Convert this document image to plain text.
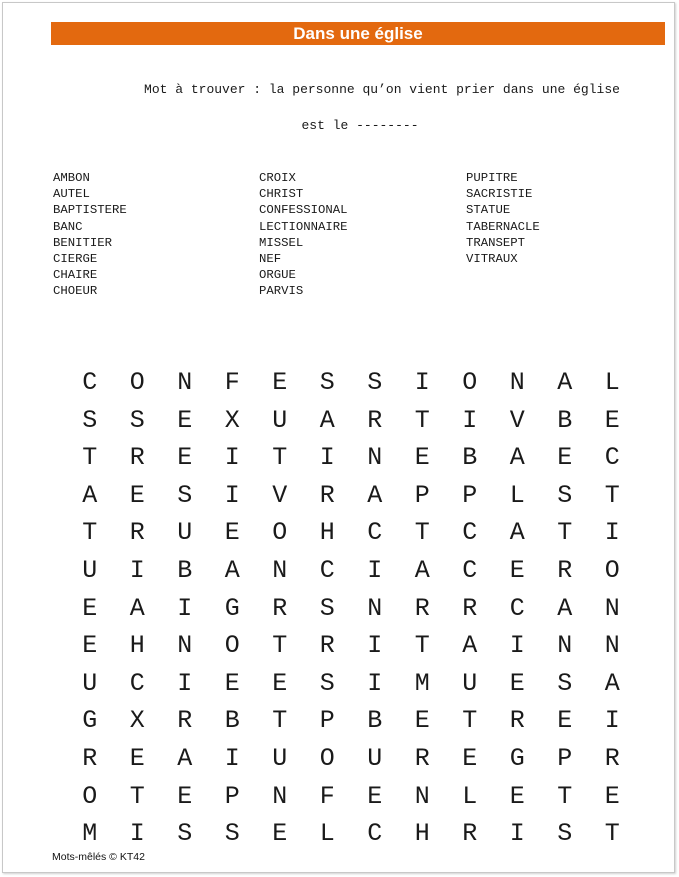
Dans une église

Mot à trouver : la personne qu’on vient prier dans une église

est le --------

AMBON
AUTEL
BAPTISTERE
BANC
BENITIER
CIERGE
CHAIRE
CHOEUR
CROIX
CHRIST
CONFESSIONAL
LECTIONNAIRE
MISSEL
NEF
ORGUE
PARVIS
PUPITRE
SACRISTIE
STATUE
TABERNACLE
TRANSEPT
VITRAUX
C	O	N	F	E	S	S	I	O	N	A	L
S	S	E	X	U	A	R	T	I	V	B	E
T	R	E	I	T	I	N	E	B	A	E	C
A	E	S	I	V	R	A	P	P	L	S	T
T	R	U	E	O	H	C	T	C	A	T	I
U	I	B	A	N	C	I	A	C	E	R	O
E	A	I	G	R	S	N	R	R	C	A	N
E	H	N	O	T	R	I	T	A	I	N	N
U	C	I	E	E	S	I	M	U	E	S	A
G	X	R	B	T	P	B	E	T	R	E	I
R	E	A	I	U	O	U	R	E	G	P	R
O	T	E	P	N	F	E	N	L	E	T	E
M	I	S	S	E	L	C	H	R	I	S	T
Mots-mêlés © KT42
